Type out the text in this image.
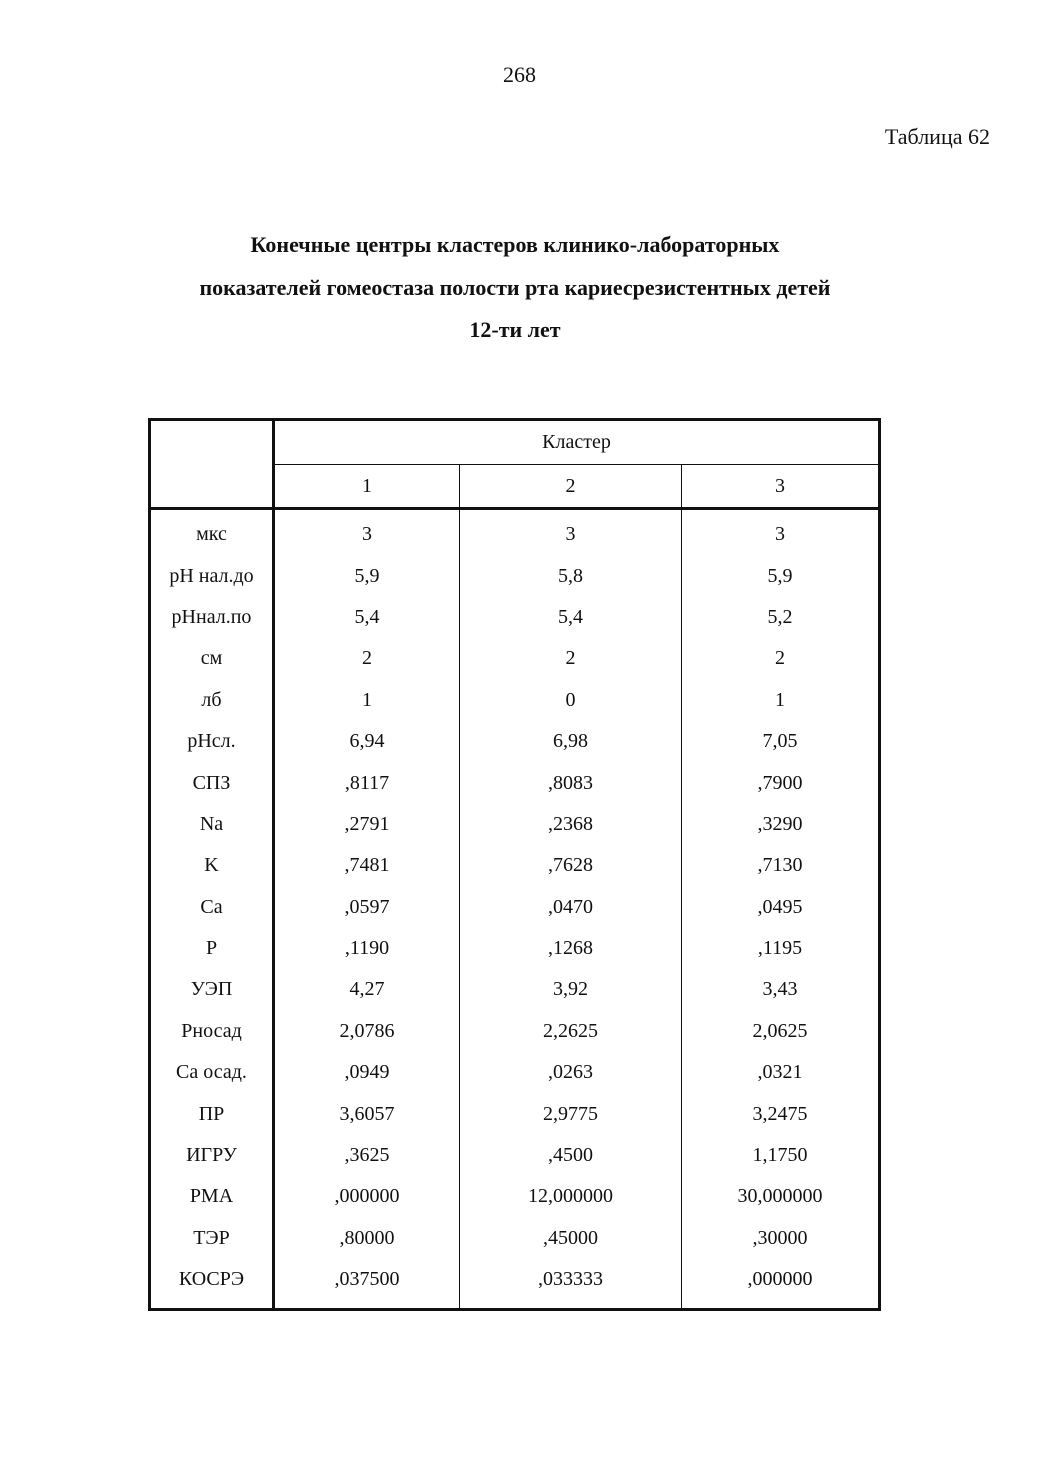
268
Таблица 62
Конечные центры кластеров клинико-лабораторных
показателей гомеостаза полости рта кариесрезистентных детей
12-ти лет
	Кластер		
	1	2	3
мкс	3	3	3
pH нал.до	5,9	5,8	5,9
pHнал.по	5,4	5,4	5,2
см	2	2	2
лб	1	0	1
pHсл.	6,94	6,98	7,05
СПЗ	,8117	,8083	,7900
Na	,2791	,2368	,3290
K	,7481	,7628	,7130
Ca	,0597	,0470	,0495
P	,1190	,1268	,1195
УЭП	4,27	3,92	3,43
Pносад	2,0786	2,2625	2,0625
Ca осад.	,0949	,0263	,0321
ПР	3,6057	2,9775	3,2475
ИГРУ	,3625	,4500	1,1750
PMA	,000000	12,000000	30,000000
ТЭР	,80000	,45000	,30000
КОСРЭ	,037500	,033333	,000000
